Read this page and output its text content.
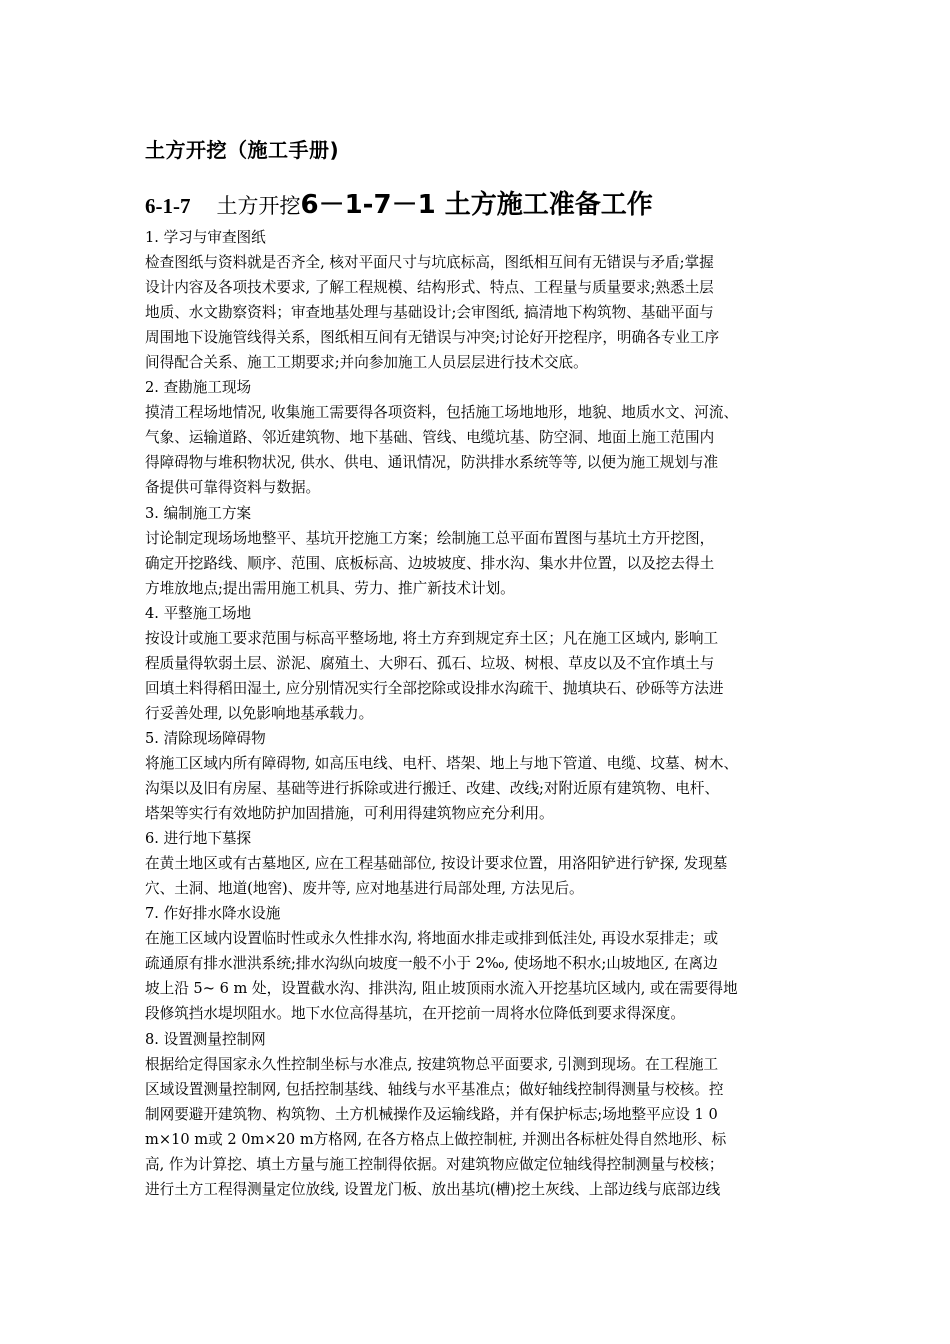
土方开挖（施工手册)
6-1-7 土方开挖6－1-7－1 土方施工准备工作
1. 学习与审查图纸
检查图纸与资料就是否齐全, 核对平面尺寸与坑底标高，图纸相互间有无错误与矛盾;掌握
设计内容及各项技术要求, 了解工程规模、结构形式、特点、工程量与质量要求;熟悉土层
地质、水文勘察资料；审查地基处理与基础设计;会审图纸, 搞清地下构筑物、基础平面与
周围地下设施管线得关系，图纸相互间有无错误与冲突;讨论好开挖程序，明确各专业工序
间得配合关系、施工工期要求;并向参加施工人员层层进行技术交底。
2. 查勘施工现场
摸清工程场地情况, 收集施工需要得各项资料，包括施工场地地形，地貌、地质水文、河流、
气象、运输道路、邻近建筑物、地下基础、管线、电缆坑基、防空洞、地面上施工范围内
得障碍物与堆积物状况, 供水、供电、通讯情况，防洪排水系统等等, 以便为施工规划与准
备提供可靠得资料与数据。
3. 编制施工方案
讨论制定现场场地整平、基坑开挖施工方案；绘制施工总平面布置图与基坑土方开挖图，
确定开挖路线、顺序、范围、底板标高、边坡坡度、排水沟、集水井位置，以及挖去得土
方堆放地点;提出需用施工机具、劳力、推广新技术计划。
4. 平整施工场地
按设计或施工要求范围与标高平整场地, 将土方弃到规定弃土区；凡在施工区域内, 影响工
程质量得软弱土层、淤泥、腐殖土、大卵石、孤石、垃圾、树根、草皮以及不宜作填土与
回填土料得稻田湿土, 应分别情况实行全部挖除或设排水沟疏干、抛填块石、砂砾等方法进
行妥善处理, 以免影响地基承载力。
5. 清除现场障碍物
将施工区域内所有障碍物, 如高压电线、电杆、塔架、地上与地下管道、电缆、坟墓、树木、
沟渠以及旧有房屋、基础等进行拆除或进行搬迁、改建、改线;对附近原有建筑物、电杆、
塔架等实行有效地防护加固措施，可利用得建筑物应充分利用。
6. 进行地下墓探
在黄土地区或有古墓地区, 应在工程基础部位, 按设计要求位置，用洛阳铲进行铲探, 发现墓
穴、土洞、地道(地窖)、废井等, 应对地基进行局部处理, 方法见后。
7. 作好排水降水设施
在施工区域内设置临时性或永久性排水沟, 将地面水排走或排到低洼处, 再设水泵排走；或
疏通原有排水泄洪系统;排水沟纵向坡度一般不小于 2‰, 使场地不积水;山坡地区, 在离边
坡上沿 5~ 6 m 处，设置截水沟、排洪沟, 阻止坡顶雨水流入开挖基坑区域内, 或在需要得地
段修筑挡水堤坝阻水。地下水位高得基坑，在开挖前一周将水位降低到要求得深度。
8. 设置测量控制网
根据给定得国家永久性控制坐标与水准点, 按建筑物总平面要求, 引测到现场。在工程施工
区域设置测量控制网, 包括控制基线、轴线与水平基准点；做好轴线控制得测量与校核。控
制网要避开建筑物、构筑物、土方机械操作及运输线路，并有保护标志;场地整平应设 1 0
m×10 m或 2 0m×20 m方格网, 在各方格点上做控制桩, 并测出各标桩处得自然地形、标
高, 作为计算挖、填土方量与施工控制得依据。对建筑物应做定位轴线得控制测量与校核；
进行土方工程得测量定位放线, 设置龙门板、放出基坑(槽)挖土灰线、上部边线与底部边线
